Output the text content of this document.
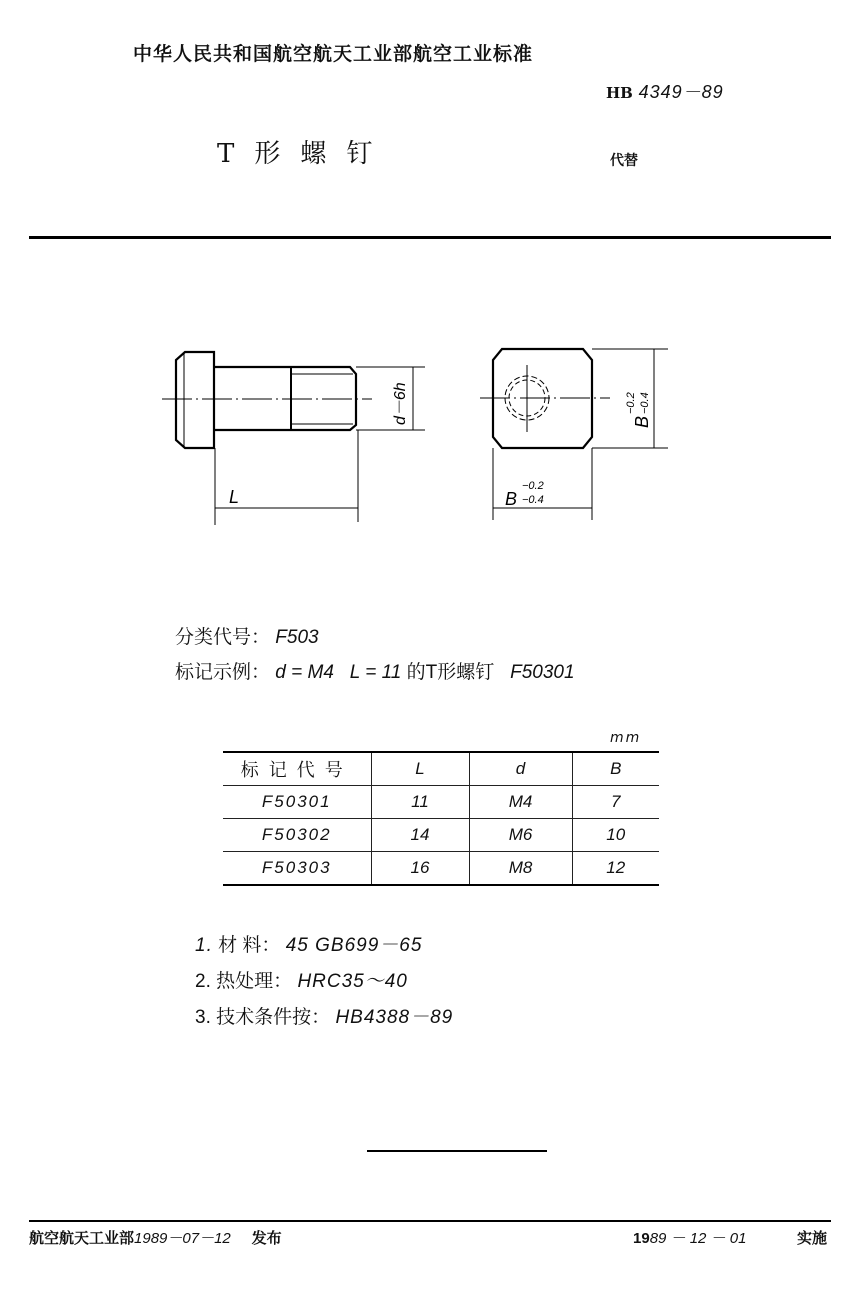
中华人民共和国航空航天工业部航空工业标准
HB 4349－89
T形螺钉	代替
L
d－6h
B
−0.2
−0.4
B
−0.2 −0.4
分类代号： F503
标记示例： d = M4 L = 11 的T形螺钉 F50301
mm
标记代号	L	d	B
F50301	11	M4	7
F50302	14	M6	10
F50303	16	M8	12
1. 材 料： 45 GB699－65
2. 热处理： HRC35～40
3. 技术条件按： HB4388－89
航空航天工业部1989－07－12 发布	1989 － 12 － 01	实施
